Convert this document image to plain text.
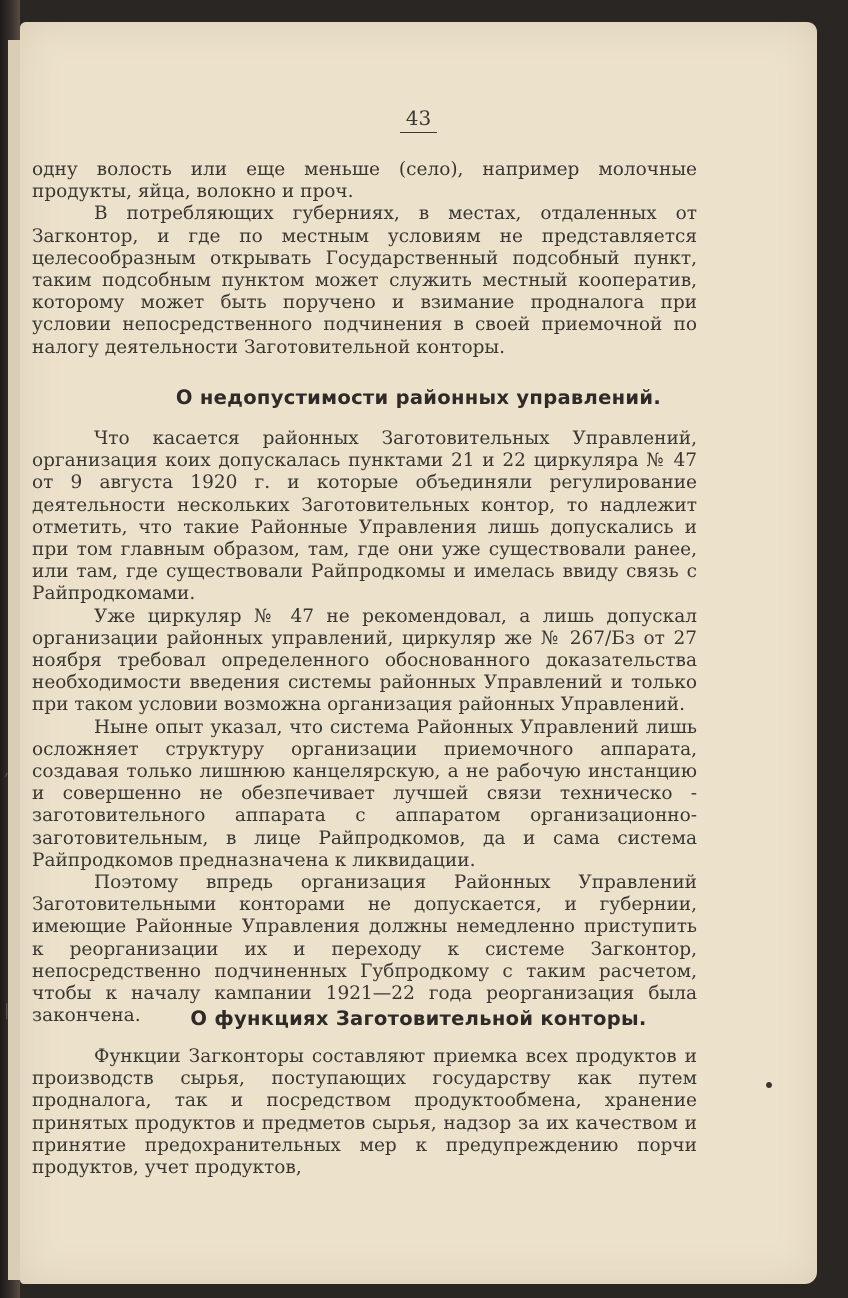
,
|
43

одну волость или еще меньше (село), например молочные продукты, яйца, волокно и проч.

В потребляющих губерниях, в местах, отдаленных от Загконтор, и где по местным условиям не представляется целесообразным открывать Государственный подсобный пункт, таким подсобным пунктом может служить местный кооператив, которому может быть поручено и взимание продналога при условии непосредственного подчинения в своей приемочной по налогу деятельности Заготовительной конторы.

О недопустимости районных управлений.

Что касается районных Заготовительных Управлений, организация коих допускалась пунктами 21 и 22 циркуляра № 47 от 9 августа 1920 г. и которые объединяли регулирование деятельности нескольких Заготовительных контор, то надлежит отметить, что такие Районные Управления лишь допускались и при том главным образом, там, где они уже существовали ранее, или там, где существовали Райпродкомы и имелась ввиду связь с Райпродкомами.

Уже циркуляр № 47 не рекомендовал, а лишь допускал организации районных управлений, циркуляр же № 267/Бз от 27 ноября требовал определенного обоснованного доказательства необходимости введения системы районных Управлений и только при таком условии возможна организация районных Управлений.

Ныне опыт указал, что система Районных Управлений лишь осложняет структуру организации приемочного аппарата, создавая только лишнюю канцелярскую, а не рабочую инстанцию и совершенно не обезпечивает лучшей связи техническо - заготовительного аппарата с аппаратом организационно-заготовительным, в лице Райпродкомов, да и сама система Райпродкомов предназначена к ликвидации.

Поэтому впредь организация Районных Управлений Заготовительными конторами не допускается, и губернии, имеющие Районные Управления должны немедленно приступить к реорганизации их и переходу к системе Загконтор, непосредственно подчиненных Губпродкому с таким расчетом, чтобы к началу кампании 1921—22 года реорганизация была закончена.	О функциях Заготовительной конторы.

Функции Загконторы составляют приемка всех продуктов и производств сырья, поступающих государству как путем продналога, так и посредством продуктообмена, хранение принятых продуктов и предметов сырья, надзор за их качеством и принятие предохранительных мер к предупреждению порчи продуктов, учет продуктов,
